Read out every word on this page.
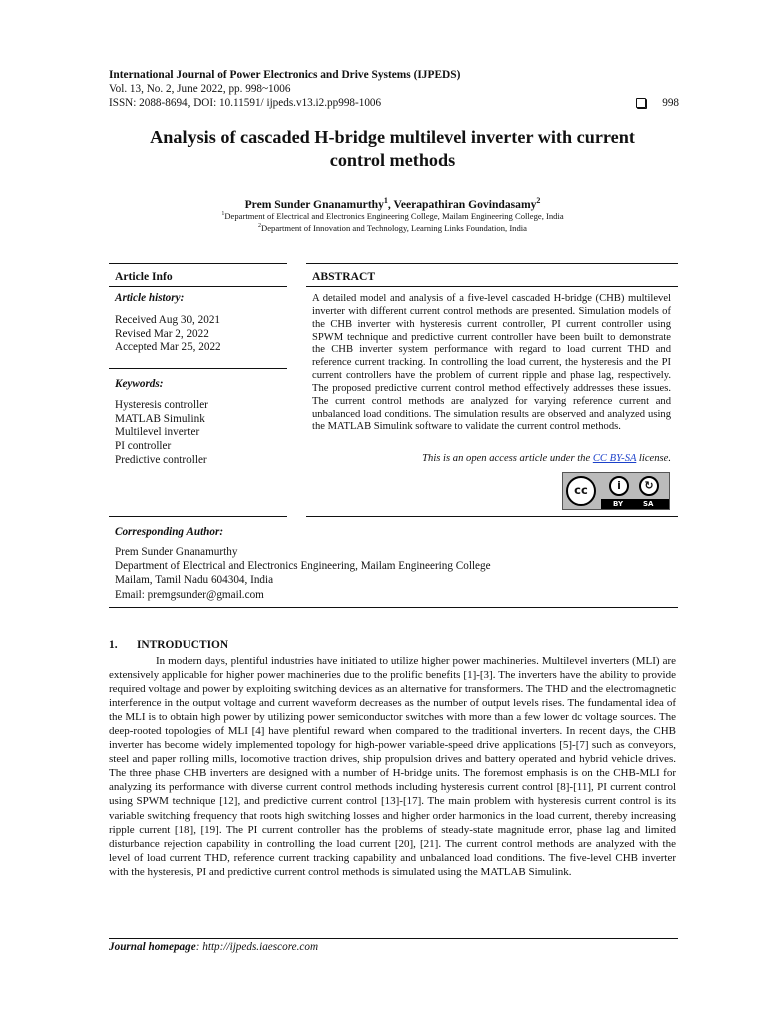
International Journal of Power Electronics and Drive Systems (IJPEDS)
Vol. 13, No. 2, June 2022, pp. 998~1006
ISSN: 2088-8694, DOI: 10.11591/ ijpeds.v13.i2.pp998-1006	998
Analysis of cascaded H-bridge multilevel inverter with current
control methods
Prem Sunder Gnanamurthy$^1$, Veerapathiran Govindasamy$^2$
$^1$Department of Electrical and Electronics Engineering College, Mailam Engineering College, India
$^2$Department of Innovation and Technology, Learning Links Foundation, India
Article Info	ABSTRACT
Article history:
Received Aug 30, 2021
Revised Mar 2, 2022
Accepted Mar 25, 2022
Keywords:
Hysteresis controller
MATLAB Simulink
Multilevel inverter
PI controller
Predictive controller
A detailed model and analysis of a five-level cascaded H-bridge (CHB) multilevel inverter with different current control methods are presented. Simulation models of the CHB inverter with hysteresis current controller, PI current controller using SPWM technique and predictive current controller have been built to demonstrate the CHB inverter system performance with regard to load current THD and reference current tracking. In controlling the load current, the hysteresis and the PI current controllers have the problem of current ripple and phase lag, respectively. The proposed predictive current control method effectively addresses these issues. The current control methods are analyzed for varying reference current and unbalanced load conditions. The simulation results are observed and analyzed using the MATLAB Simulink software to validate the current control methods.
This is an open access article under the CC BY-SA license.
cc	i	↻
BY	SA
Corresponding Author:
Prem Sunder Gnanamurthy
Department of Electrical and Electronics Engineering, Mailam Engineering College
Mailam, Tamil Nadu 604304, India
Email: premgsunder@gmail.com
1. INTRODUCTION
In modern days, plentiful industries have initiated to utilize higher power machineries. Multilevel inverters (MLI) are extensively applicable for higher power machineries due to the prolific benefits [1]-[3]. The inverters have the ability to provide required voltage and power by exploiting switching devices as an alternative for transformers. The THD and the electromagnetic interference in the output voltage and current waveform decreases as the number of output levels rises. The fundamental idea of the MLI is to obtain high power by utilizing power semiconductor switches with more than a few lower dc voltage sources. The deep-rooted topologies of MLI [4] have plentiful reward when compared to the traditional inverters. In recent days, the CHB inverter has become widely implemented topology for high-power variable-speed drive applications [5]-[7] such as conveyors, steel and paper rolling mills, locomotive traction drives, ship propulsion drives and battery operated and hybrid vehicle drives. The three phase CHB inverters are designed with a number of H-bridge units. The foremost emphasis is on the CHB-MLI for analyzing its performance with diverse current control methods including hysteresis current control [8]-[11], PI current control using SPWM technique [12], and predictive current control [13]-[17]. The main problem with hysteresis current control is its variable switching frequency that roots high switching losses and higher order harmonics in the load current, thereby increasing ripple current [18], [19]. The PI current controller has the problems of steady-state magnitude error, phase lag and limited disturbance rejection capability in controlling the load current [20], [21]. The current control methods are analyzed with the level of load current THD, reference current tracking capability and unbalanced load conditions. The five-level CHB inverter with the hysteresis, PI and predictive current control methods is simulated using the MATLAB Simulink.
Journal homepage: http://ijpeds.iaescore.com
